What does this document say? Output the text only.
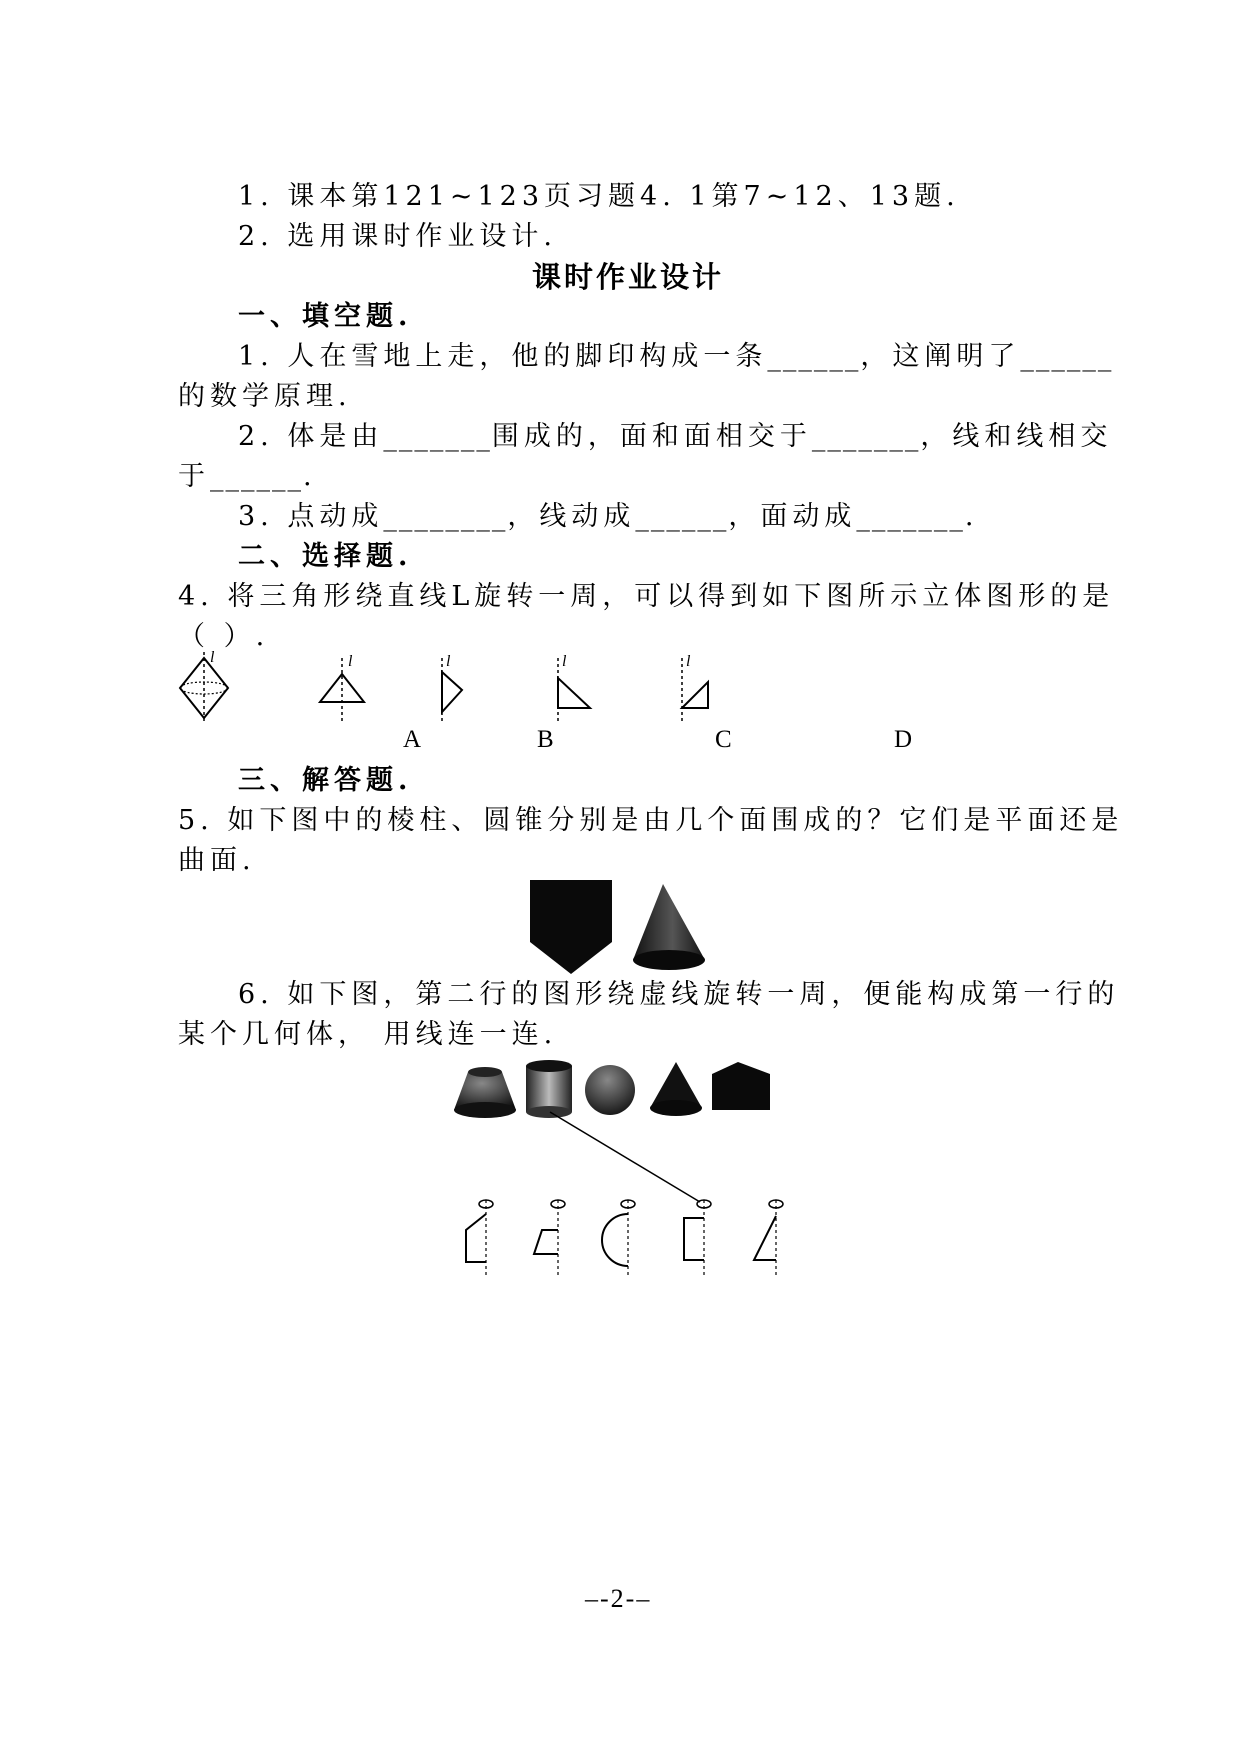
1. 课本第121~123页习题4. 1第7~12、13题.
2. 选用课时作业设计.
课时作业设计
一、填空题.
1. 人在雪地上走，他的脚印构成一条______，这阐明了______
的数学原理.
2. 体是由_______围成的，面和面相交于_______，线和线相交
于______.
3. 点动成________，线动成______，面动成_______.
二、选择题.
4. 将三角形绕直线L旋转一周，可以得到如下图所示立体图形的是
（ ）.
l	l	l	l	l
A	B	C	D
三、解答题.
5. 如下图中的棱柱、圆锥分别是由几个面围成的？它们是平面还是
曲面.
6. 如下图，第二行的图形绕虚线旋转一周，便能构成第一行的
某个几何体， 用线连一连.
–-2-–
